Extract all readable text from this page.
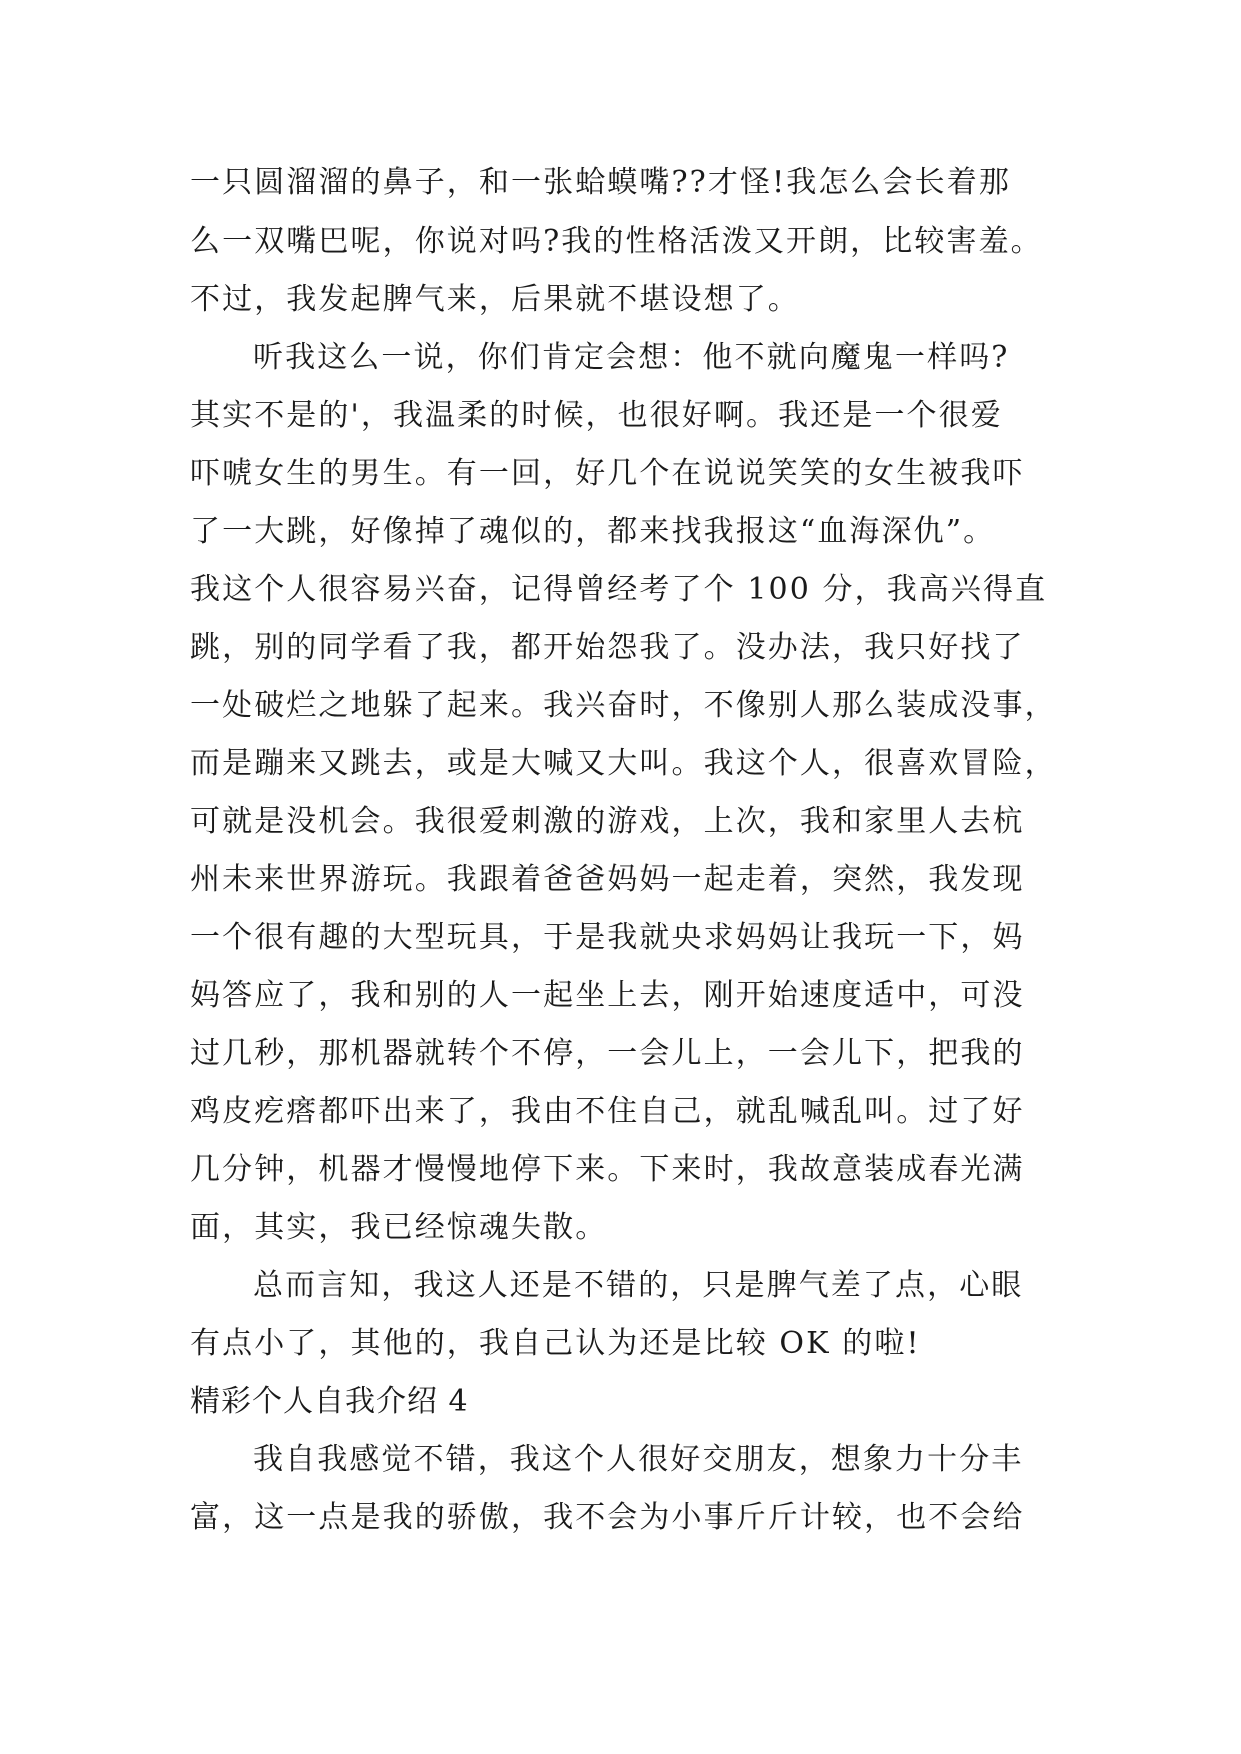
一只圆溜溜的鼻子，和一张蛤蟆嘴??才怪!我怎么会长着那
么一双嘴巴呢，你说对吗?我的性格活泼又开朗，比较害羞。
不过，我发起脾气来，后果就不堪设想了。
听我这么一说，你们肯定会想：他不就向魔鬼一样吗?
其实不是的'，我温柔的时候，也很好啊。我还是一个很爱
吓唬女生的男生。有一回，好几个在说说笑笑的女生被我吓
了一大跳，好像掉了魂似的，都来找我报这“血海深仇”。
我这个人很容易兴奋，记得曾经考了个 100 分，我高兴得直
跳，别的同学看了我，都开始怨我了。没办法，我只好找了
一处破烂之地躲了起来。我兴奋时，不像别人那么装成没事，
而是蹦来又跳去，或是大喊又大叫。我这个人，很喜欢冒险，
可就是没机会。我很爱刺激的游戏，上次，我和家里人去杭
州未来世界游玩。我跟着爸爸妈妈一起走着，突然，我发现
一个很有趣的大型玩具，于是我就央求妈妈让我玩一下，妈
妈答应了，我和别的人一起坐上去，刚开始速度适中，可没
过几秒，那机器就转个不停，一会儿上，一会儿下，把我的
鸡皮疙瘩都吓出来了，我由不住自己，就乱喊乱叫。过了好
几分钟，机器才慢慢地停下来。下来时，我故意装成春光满
面，其实，我已经惊魂失散。
总而言知，我这人还是不错的，只是脾气差了点，心眼
有点小了，其他的，我自己认为还是比较 OK 的啦!
精彩个人自我介绍 4
我自我感觉不错，我这个人很好交朋友，想象力十分丰
富，这一点是我的骄傲，我不会为小事斤斤计较，也不会给
